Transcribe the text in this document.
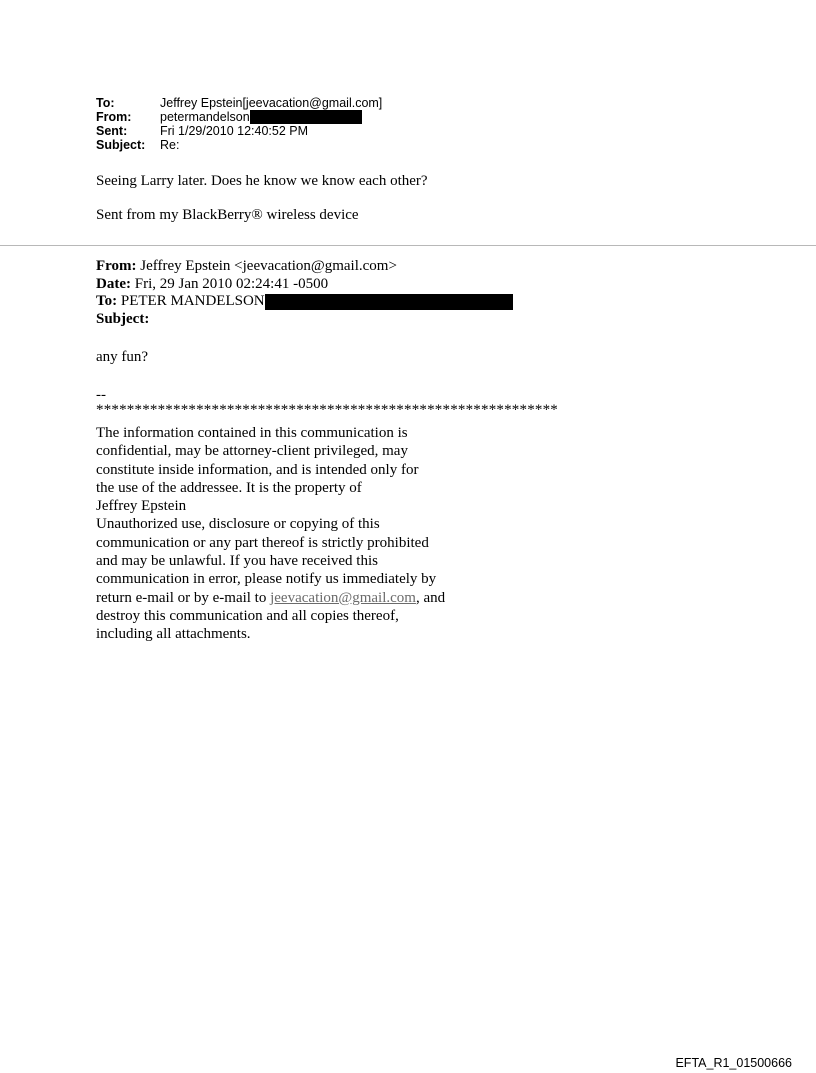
To:	Jeffrey Epstein[jeevacation@gmail.com]
From:	petermandelson
Sent:	Fri 1/29/2010 12:40:52 PM
Subject:	Re:
Seeing Larry later. Does he know we know each other?
Sent from my BlackBerry® wireless device
From: Jeffrey Epstein <jeevacation@gmail.com>
Date: Fri, 29 Jan 2010 02:24:41 -0500
To: PETER MANDELSON
Subject:
any fun?
--
************************************************************
The information contained in this communication is
confidential, may be attorney-client privileged, may
constitute inside information, and is intended only for
the use of the addressee. It is the property of
Jeffrey Epstein
Unauthorized use, disclosure or copying of this
communication or any part thereof is strictly prohibited
and may be unlawful. If you have received this
communication in error, please notify us immediately by
return e-mail or by e-mail to jeevacation@gmail.com, and
destroy this communication and all copies thereof,
including all attachments.
EFTA_R1_01500666
